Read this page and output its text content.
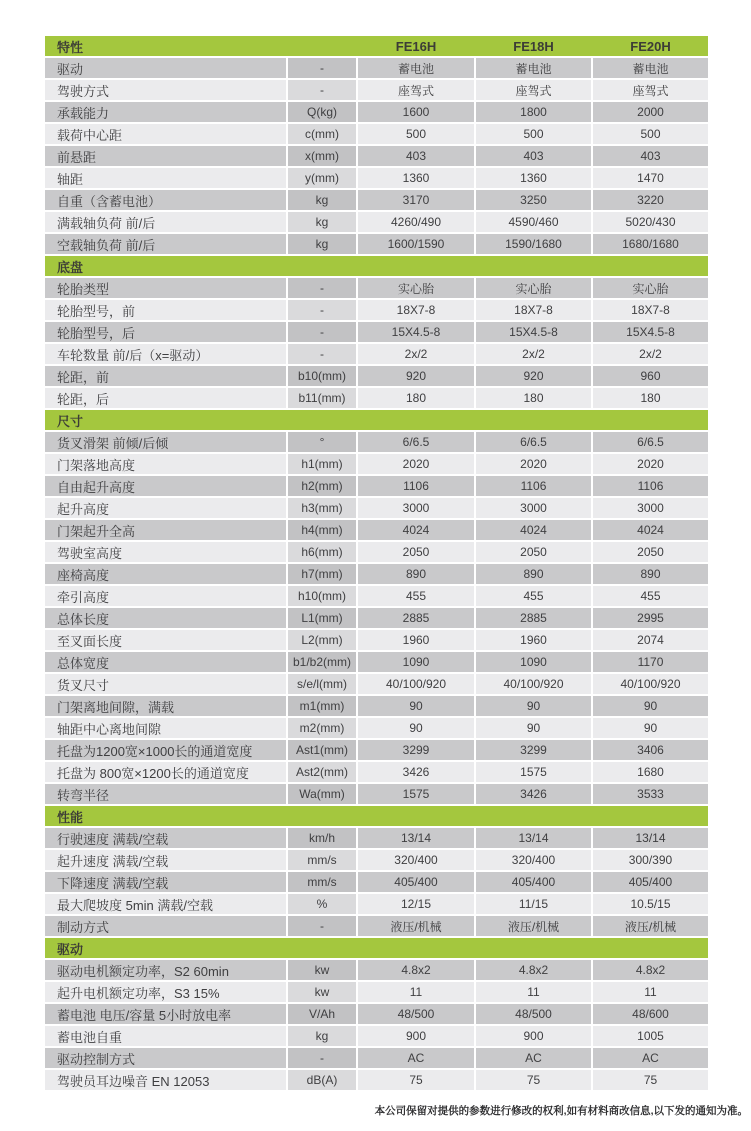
特性	FE16H	FE18H	FE20H
驱动	-	蓄电池	蓄电池	蓄电池
驾驶方式	-	座驾式	座驾式	座驾式
承载能力	Q(kg)	1600	1800	2000
载荷中心距	c(mm)	500	500	500
前悬距	x(mm)	403	403	403
轴距	y(mm)	1360	1360	1470
自重（含蓄电池）	kg	3170	3250	3220
满载轴负荷 前/后	kg	4260/490	4590/460	5020/430
空载轴负荷 前/后	kg	1600/1590	1590/1680	1680/1680
底盘
轮胎类型	-	实心胎	实心胎	实心胎
轮胎型号，前	-	18X7-8	18X7-8	18X7-8
轮胎型号，后	-	15X4.5-8	15X4.5-8	15X4.5-8
车轮数量 前/后（x=驱动）	-	2x/2	2x/2	2x/2
轮距，前	b10(mm)	920	920	960
轮距，后	b11(mm)	180	180	180
尺寸
货叉滑架 前倾/后倾	°	6/6.5	6/6.5	6/6.5
门架落地高度	h1(mm)	2020	2020	2020
自由起升高度	h2(mm)	1106	1106	1106
起升高度	h3(mm)	3000	3000	3000
门架起升全高	h4(mm)	4024	4024	4024
驾驶室高度	h6(mm)	2050	2050	2050
座椅高度	h7(mm)	890	890	890
牵引高度	h10(mm)	455	455	455
总体长度	L1(mm)	2885	2885	2995
至叉面长度	L2(mm)	1960	1960	2074
总体宽度	b1/b2(mm)	1090	1090	1170
货叉尺寸	s/e/l(mm)	40/100/920	40/100/920	40/100/920
门架离地间隙，满载	m1(mm)	90	90	90
轴距中心离地间隙	m2(mm)	90	90	90
托盘为1200宽×1000长的通道宽度	Ast1(mm)	3299	3299	3406
托盘为 800宽×1200长的通道宽度	Ast2(mm)	3426	1575	1680
转弯半径	Wa(mm)	1575	3426	3533
性能
行驶速度 满载/空载	km/h	13/14	13/14	13/14
起升速度 满载/空载	mm/s	320/400	320/400	300/390
下降速度 满载/空载	mm/s	405/400	405/400	405/400
最大爬坡度 5min 满载/空载	%	12/15	11/15	10.5/15
制动方式	-	液压/机械	液压/机械	液压/机械
驱动
驱动电机额定功率，S2 60min	kw	4.8x2	4.8x2	4.8x2
起升电机额定功率，S3 15%	kw	11	11	11
蓄电池 电压/容量 5小时放电率	V/Ah	48/500	48/500	48/600
蓄电池自重	kg	900	900	1005
驱动控制方式	-	AC	AC	AC
驾驶员耳边噪音 EN 12053	dB(A)	75	75	75
本公司保留对提供的参数进行修改的权利,如有材料商改信息,以下发的通知为准。
